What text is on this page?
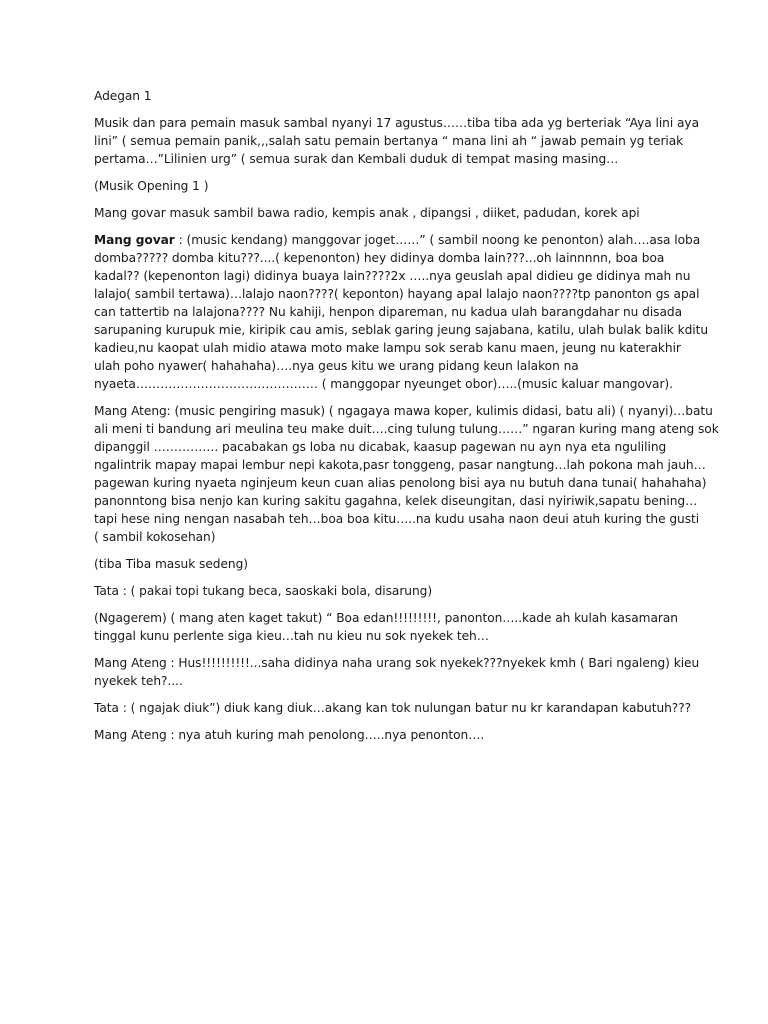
Adegan 1

Musik dan para pemain masuk sambal nyanyi 17 agustus……tiba tiba ada yg berteriak “Aya lini aya
lini” ( semua pemain panik,,,salah satu pemain bertanya “ mana lini ah “ jawab pemain yg teriak
pertama…”Lilinien urg” ( semua surak dan Kembali duduk di tempat masing masing…

(Musik Opening 1 )

Mang govar masuk sambil bawa radio, kempis anak , dipangsi , diiket, padudan, korek api

Mang govar : (music kendang) manggovar joget……” ( sambil noong ke penonton) alah….asa loba
domba????? domba kitu???....( kepenonton) hey didinya domba lain???...oh lainnnnn, boa boa
kadal?? (kepenonton lagi) didinya buaya lain????2x …..nya geuslah apal didieu ge didinya mah nu
lalajo( sambil tertawa)…lalajo naon????( keponton) hayang apal lalajo naon????tp panonton gs apal
can tattertib na lalajona???? Nu kahiji, henpon dipareman, nu kadua ulah barangdahar nu disada
sarupaning kurupuk mie, kiripik cau amis, seblak garing jeung sajabana, katilu, ulah bulak balik kditu
kadieu,nu kaopat ulah midio atawa moto make lampu sok serab kanu maen, jeung nu katerakhir
ulah poho nyawer( hahahaha)….nya geus kitu we urang pidang keun lalakon na
nyaeta……………………………………… ( manggopar nyeunget obor)…..(music kaluar mangovar).

Mang Ateng: (music pengiring masuk) ( ngagaya mawa koper, kulimis didasi, batu ali) ( nyanyi)…batu
ali meni ti bandung ari meulina teu make duit….cing tulung tulung……” ngaran kuring mang ateng sok
dipanggil ……………. pacabakan gs loba nu dicabak, kaasup pagewan nu ayn nya eta nguliling
ngalintrik mapay mapai lembur nepi kakota,pasr tonggeng, pasar nangtung…lah pokona mah jauh…
pagewan kuring nyaeta nginjeum keun cuan alias penolong bisi aya nu butuh dana tunai( hahahaha)
panonntong bisa nenjo kan kuring sakitu gagahna, kelek diseungitan, dasi nyiriwik,sapatu bening…
tapi hese ning nengan nasabah teh…boa boa kitu…..na kudu usaha naon deui atuh kuring the gusti
( sambil kokosehan)

(tiba Tiba masuk sedeng)

Tata : ( pakai topi tukang beca, saoskaki bola, disarung)

(Ngagerem) ( mang aten kaget takut) “ Boa edan!!!!!!!!!, panonton…..kade ah kulah kasamaran
tinggal kunu perlente siga kieu…tah nu kieu nu sok nyekek teh…

Mang Ateng : Hus!!!!!!!!!!...saha didinya naha urang sok nyekek???nyekek kmh ( Bari ngaleng) kieu
nyekek teh?....

Tata : ( ngajak diuk”) diuk kang diuk…akang kan tok nulungan batur nu kr karandapan kabutuh???

Mang Ateng : nya atuh kuring mah penolong…..nya penonton….
